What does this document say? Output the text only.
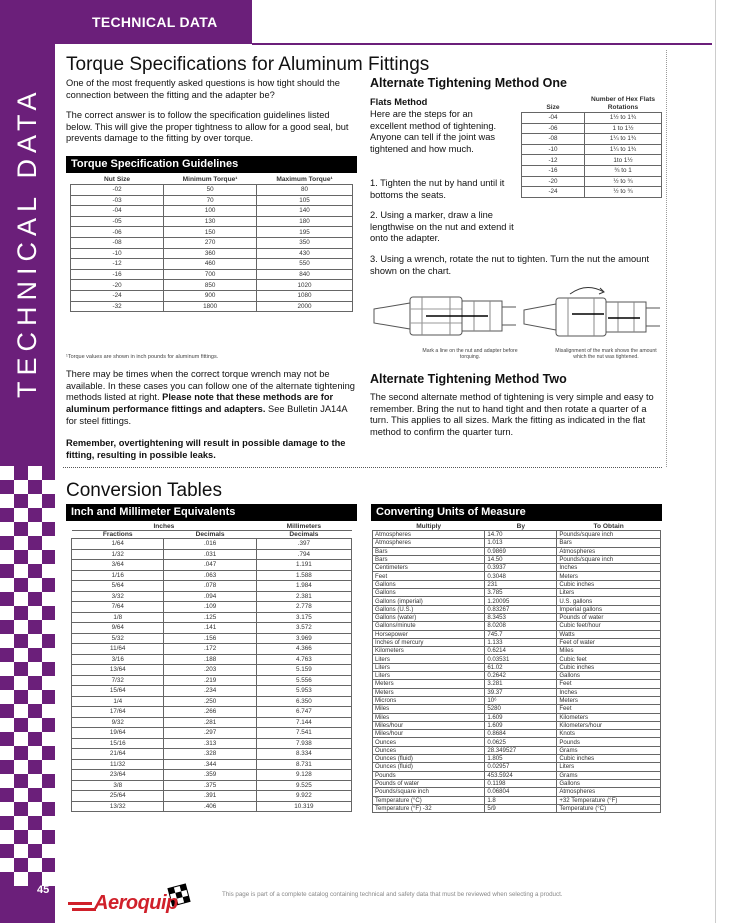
TECHNICAL DATA
TECHNICAL DATA
45
Torque Specifications for Aluminum Fittings
One of the most frequently asked questions is how tight should the connection between the fitting and the adapter be?
The correct answer is to follow the specification guidelines listed below. This will give the proper tightness to allow for a good seal, but prevents damage to the fitting by over torque.
Torque Specification Guidelines
Nut Size	Minimum Torque¹	Maximum Torque¹
-02	50	80
-03	70	105
-04	100	140
-05	130	180
-06	150	195
-08	270	350
-10	360	430
-12	460	550
-16	700	840
-20	850	1020
-24	900	1080
-32	1800	2000
¹Torque values are shown in inch pounds for aluminum fittings.
There may be times when the correct torque wrench may not be available. In these cases you can follow one of the alternate tightening methods listed at right. Please note that these methods are for aluminum performance fittings and adapters. See Bulletin JA14A for steel fittings.
Remember, overtightening will result in possible damage to the fitting, resulting in possible leaks.
Alternate Tightening Method One
Flats Method
Here are the steps for an excellent method of tightening. Anyone can tell if the joint was tightened and how much.
1. Tighten the nut by hand until it bottoms the seats.
2. Using a marker, draw a line lengthwise on the nut and extend it onto the adapter.
3. Using a wrench, rotate the nut to tighten. Turn the nut the amount shown on the chart.
Size	Number of Hex Flats Rotations
-04	1½ to 1¾
-06	1 to 1½
-08	1¼ to 1¾
-10	1¼ to 1¾
-12	1to 1½
-16	¾ to 1
-20	½ to ¾
-24	½ to ¾
Mark a line on the nut and adapter before torquing.
Misalignment of the mark shows the amount which the nut was tightened.
Alternate Tightening Method Two
The second alternate method of tightening is very simple and easy to remember. Bring the nut to hand tight and then rotate a quarter of a turn. This applies to all sizes. Mark the fitting as indicated in the flat method to confirm the quarter turn.
Conversion Tables
Inch and Millimeter Equivalents
Inches		Millimeters
Fractions	Decimals	Decimals
1/64	.016	.397
1/32	.031	.794
3/64	.047	1.191
1/16	.063	1.588
5/64	.078	1.984
3/32	.094	2.381
7/64	.109	2.778
1/8	.125	3.175
9/64	.141	3.572
5/32	.156	3.969
11/64	.172	4.366
3/16	.188	4.763
13/64	.203	5.159
7/32	.219	5.556
15/64	.234	5.953
1/4	.250	6.350
17/64	.266	6.747
9/32	.281	7.144
19/64	.297	7.541
15/16	.313	7.938
21/64	.328	8.334
11/32	.344	8.731
23/64	.359	9.128
3/8	.375	9.525
25/64	.391	9.922
13/32	.406	10.319
Converting Units of Measure
Multiply	By	To Obtain
Atmospheres	14.70	Pounds/square inch
Atmospheres	1.013	Bars
Bars	0.9869	Atmospheres
Bars	14.50	Pounds/square inch
Centimeters	0.3937	Inches
Feet	0.3048	Meters
Gallons	231	Cubic inches
Gallons	3.785	Liters
Gallons (imperial)	1.20095	U.S. gallons
Gallons (U.S.)	0.83267	Imperial gallons
Gallons (water)	8.3453	Pounds of water
Gallons/minute	8.0208	Cubic feet/hour
Horsepower	745.7	Watts
Inches of mercury	1.133	Feet of water
Kilometers	0.6214	Miles
Liters	0.03531	Cubic feet
Liters	61.02	Cubic inches
Liters	0.2642	Gallons
Meters	3.281	Feet
Meters	39.37	Inches
Microns	10⁶	Meters
Miles	5280	Feet
Miles	1.609	Kilometers
Miles/hour	1.609	Kilometers/hour
Miles/hour	0.8684	Knots
Ounces	0.0625	Pounds
Ounces	28.349527	Grams
Ounces (fluid)	1.805	Cubic inches
Ounces (fluid)	0.02957	Liters
Pounds	453.5924	Grams
Pounds of water	0.1198	Gallons
Pounds/square inch	0.06804	Atmospheres
Temperature (°C)	1.8	+32 Temperature (°F)
Temperature (°F) -32	5/9	Temperature (°C)
Aeroquip	This page is part of a complete catalog containing technical and safety data that must be reviewed when selecting a product.
